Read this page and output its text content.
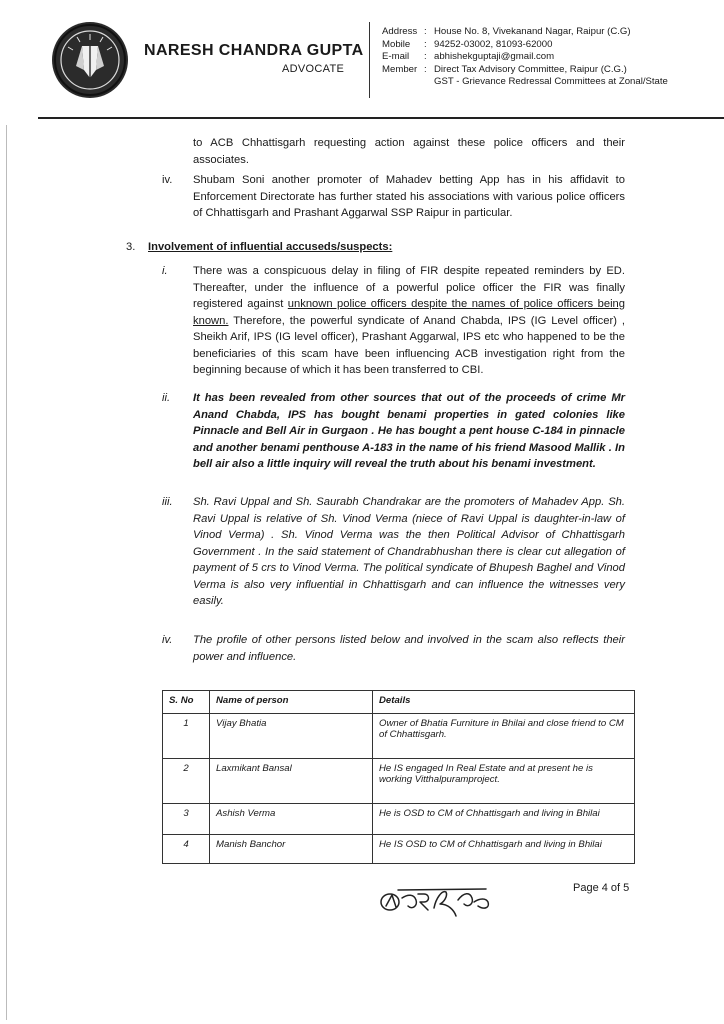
NARESH CHANDRA GUPTA
ADVOCATE
Address : House No. 8, Vivekanand Nagar, Raipur (C.G)
Mobile	: 94252-03002, 81093-62000
E-mail	: abhishekguptaji@gmail.com
Member : Direct Tax Advisory Committee, Raipur (C.G.)
GST - Grievance Redressal Committees at Zonal/State
to ACB Chhattisgarh requesting action against these police officers and their associates.
iv. Shubam Soni another promoter of Mahadev betting App has in his affidavit to Enforcement Directorate has further stated his associations with various police officers of Chhattisgarh and Prashant Aggarwal SSP Raipur in particular.
3. Involvement of influential accuseds/suspects:
i. There was a conspicuous delay in filing of FIR despite repeated reminders by ED. Thereafter, under the influence of a powerful police officer the FIR was finally registered against unknown police officers despite the names of police officers being known. Therefore, the powerful syndicate of Anand Chabda, IPS (IG Level officer) , Sheikh Arif, IPS (IG level officer), Prashant Aggarwal, IPS etc who happened to be the beneficiaries of this scam have been influencing ACB investigation right from the beginning because of which it has been transferred to CBI.
ii. It has been revealed from other sources that out of the proceeds of crime Mr Anand Chabda, IPS has bought benami properties in gated colonies like Pinnacle and Bell Air in Gurgaon . He has bought a pent house C-184 in pinnacle and another benami penthouse A-183 in the name of his friend Masood Mallik . In bell air also a little inquiry will reveal the truth about his benami investment.
iii. Sh. Ravi Uppal and Sh. Saurabh Chandrakar are the promoters of Mahadev App. Sh. Ravi Uppal is relative of Sh. Vinod Verma (niece of Ravi Uppal is daughter-in-law of Vinod Verma) . Sh. Vinod Verma was the then Political Advisor of Chhattisgarh Government . In the said statement of Chandrabhushan there is clear cut allegation of payment of 5 crs to Vinod Verma. The political syndicate of Bhupesh Baghel and Vinod Verma is also very influential in Chhattisgarh and can influence the witnesses very easily.
iv. The profile of other persons listed below and involved in the scam also reflects their power and influence.
S. No	Name of person	Details
1	Vijay Bhatia	Owner of Bhatia Furniture in Bhilai and close friend to CM of Chhattisgarh.
2	Laxmikant Bansal	He IS engaged In Real Estate and at present he is working Vitthalpuramproject.
3	Ashish Verma	He is OSD to CM of Chhattisgarh and living in Bhilai
4	Manish Banchor	He IS OSD to CM of Chhattisgarh and living in Bhilai
Page 4 of 5
